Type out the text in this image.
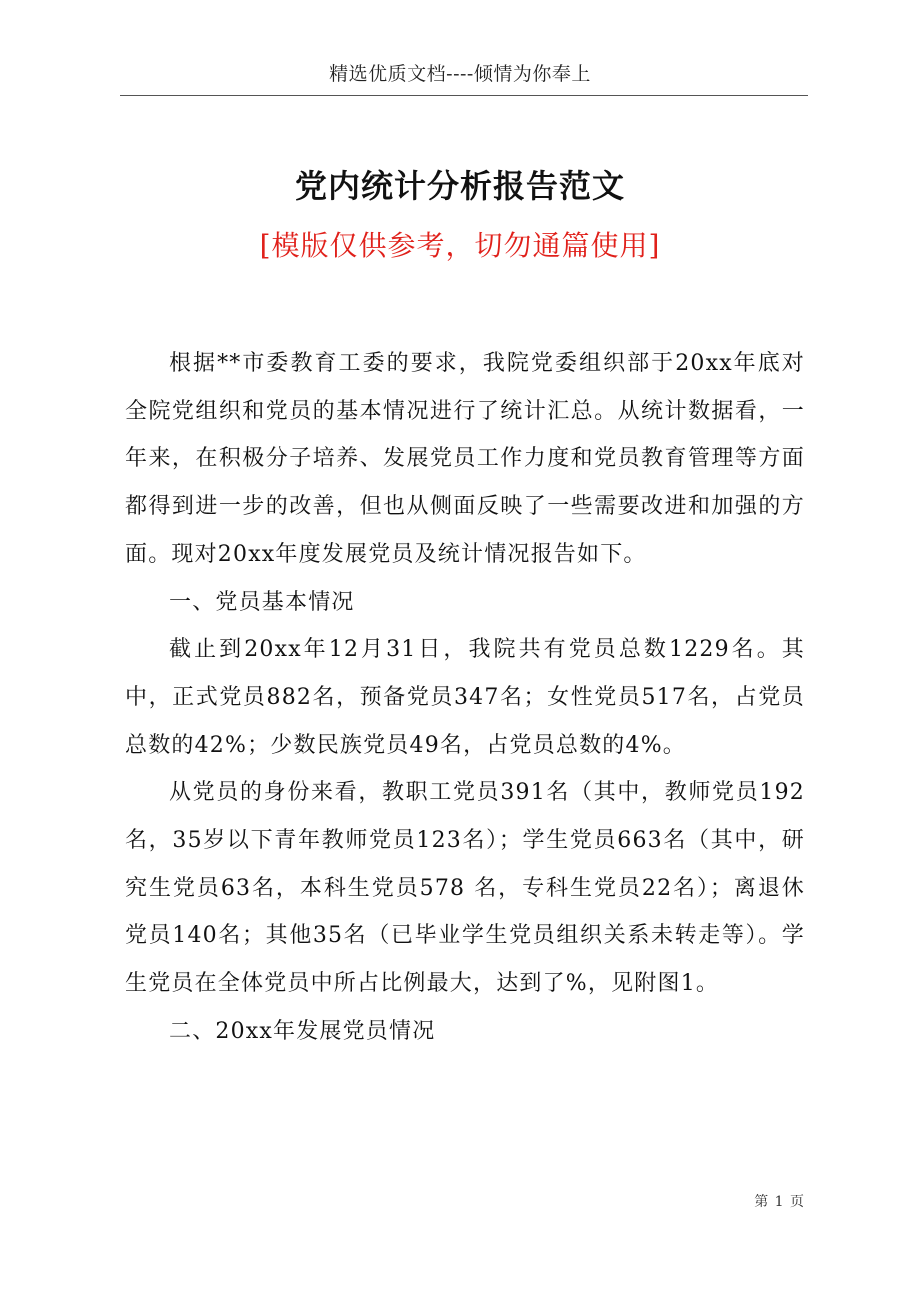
精选优质文档----倾情为你奉上
党内统计分析报告范文
[模版仅供参考，切勿通篇使用]

根据**市委教育工委的要求，我院党委组织部于20xx年底对全院党组织和党员的基本情况进行了统计汇总。从统计数据看，一年来，在积极分子培养、发展党员工作力度和党员教育管理等方面都得到进一步的改善，但也从侧面反映了一些需要改进和加强的方面。现对20xx年度发展党员及统计情况报告如下。

一、党员基本情况

截止到20xx年12月31日，我院共有党员总数1229名。其中，正式党员882名，预备党员347名；女性党员517名，占党员总数的42%；少数民族党员49名，占党员总数的4%。

从党员的身份来看，教职工党员391名（其中，教师党员192名，35岁以下青年教师党员123名）；学生党员663名（其中，研究生党员63名，本科生党员578 名，专科生党员22名）；离退休党员140名；其他35名（已毕业学生党员组织关系未转走等）。学生党员在全体党员中所占比例最大，达到了%，见附图1。

二、20xx年发展党员情况

第 1 页
